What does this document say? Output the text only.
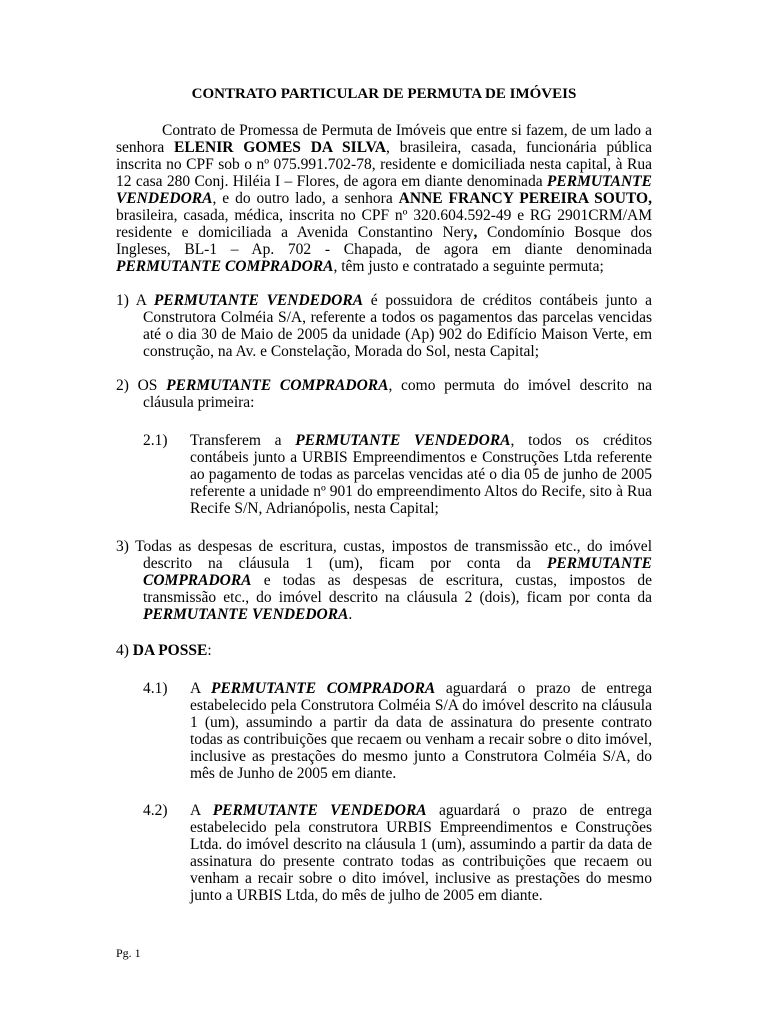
CONTRATO PARTICULAR DE PERMUTA DE IMÓVEIS

Contrato de Promessa de Permuta de Imóveis que entre si fazem, de um lado a senhora ELENIR GOMES DA SILVA, brasileira, casada, funcionária pública inscrita no CPF sob o nº 075.991.702-78, residente e domiciliada nesta capital, à Rua 12 casa 280 Conj. Hiléia I – Flores, de agora em diante denominada PERMUTANTE VENDEDORA, e do outro lado, a senhora ANNE FRANCY PEREIRA SOUTO, brasileira, casada, médica, inscrita no CPF nº 320.604.592-49 e RG 2901CRM/AM residente e domiciliada a Avenida Constantino Nery, Condomínio Bosque dos Ingleses, BL-1 – Ap. 702 - Chapada, de agora em diante denominada PERMUTANTE COMPRADORA, têm justo e contratado a seguinte permuta;

1) A PERMUTANTE VENDEDORA é possuidora de créditos contábeis junto a Construtora Colméia S/A, referente a todos os pagamentos das parcelas vencidas até o dia 30 de Maio de 2005 da unidade (Ap) 902 do Edifício Maison Verte, em construção, na Av. e Constelação, Morada do Sol, nesta Capital;

2) OS PERMUTANTE COMPRADORA, como permuta do imóvel descrito na cláusula primeira:

2.1)	Transferem a PERMUTANTE VENDEDORA, todos os créditos contábeis junto a URBIS Empreendimentos e Construções Ltda referente ao pagamento de todas as parcelas vencidas até o dia 05 de junho de 2005 referente a unidade nº 901 do empreendimento Altos do Recife, sito à Rua Recife S/N, Adrianópolis, nesta Capital;

3) Todas as despesas de escritura, custas, impostos de transmissão etc., do imóvel descrito na cláusula 1 (um), ficam por conta da PERMUTANTE COMPRADORA e todas as despesas de escritura, custas, impostos de transmissão etc., do imóvel descrito na cláusula 2 (dois), ficam por conta da PERMUTANTE VENDEDORA.

4) DA POSSE:

4.1)	A PERMUTANTE COMPRADORA aguardará o prazo de entrega estabelecido pela Construtora Colméia S/A do imóvel descrito na cláusula 1 (um), assumindo a partir da data de assinatura do presente contrato todas as contribuições que recaem ou venham a recair sobre o dito imóvel, inclusive as prestações do mesmo junto a Construtora Colméia S/A, do mês de Junho de 2005 em diante.
4.2)	A PERMUTANTE VENDEDORA aguardará o prazo de entrega estabelecido pela construtora URBIS Empreendimentos e Construções Ltda. do imóvel descrito na cláusula 1 (um), assumindo a partir da data de assinatura do presente contrato todas as contribuições que recaem ou venham a recair sobre o dito imóvel, inclusive as prestações do mesmo junto a URBIS Ltda, do mês de julho de 2005 em diante.
Pg. 1
